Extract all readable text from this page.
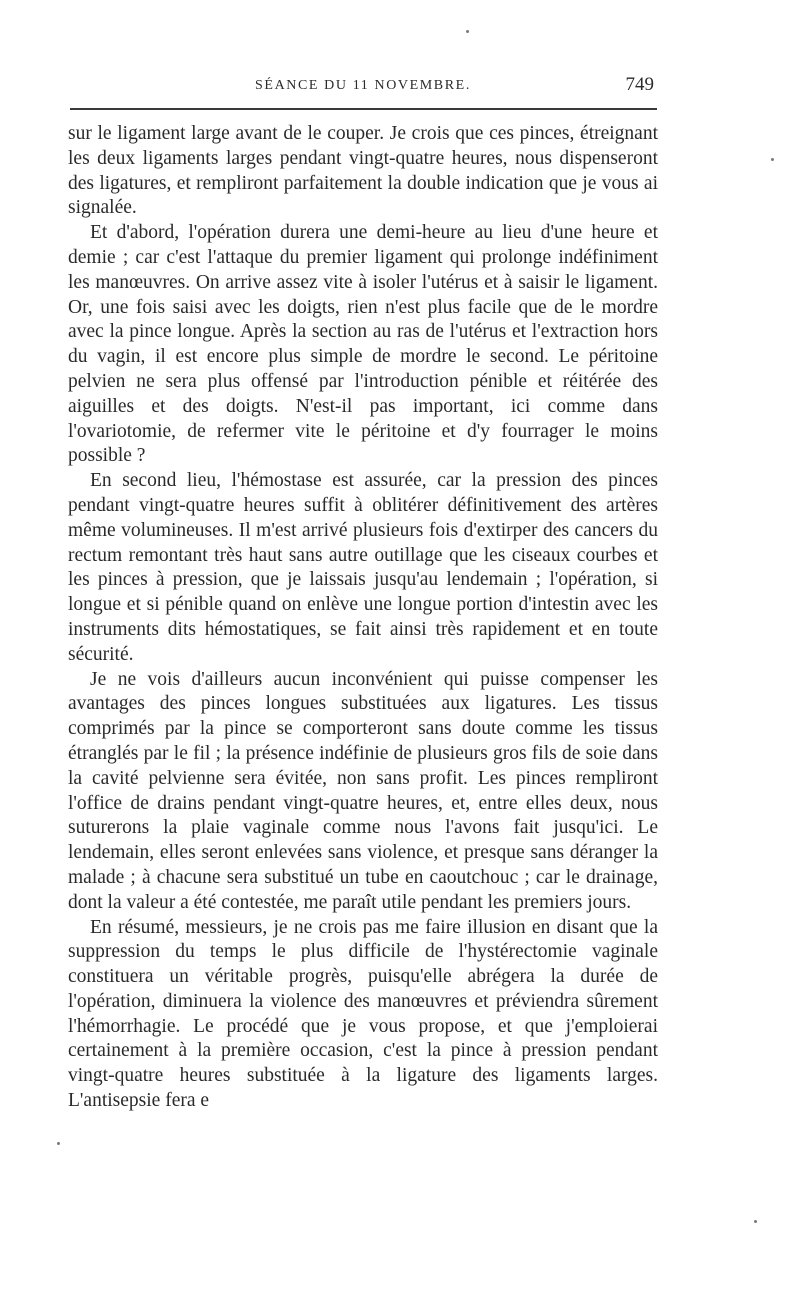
SÉANCE DU 11 NOVEMBRE.	749

sur le ligament large avant de le couper. Je crois que ces pinces, étreignant les deux ligaments larges pendant vingt-quatre heures, nous dispenseront des ligatures, et rempliront parfaitement la double indication que je vous ai signalée.

Et d'abord, l'opération durera une demi-heure au lieu d'une heure et demie ; car c'est l'attaque du premier ligament qui prolonge indéfiniment les manœuvres. On arrive assez vite à isoler l'utérus et à saisir le ligament. Or, une fois saisi avec les doigts, rien n'est plus facile que de le mordre avec la pince longue. Après la section au ras de l'utérus et l'extraction hors du vagin, il est encore plus simple de mordre le second. Le péritoine pelvien ne sera plus offensé par l'introduction pénible et réitérée des aiguilles et des doigts. N'est-il pas important, ici comme dans l'ovariotomie, de refermer vite le péritoine et d'y fourrager le moins possible ?

En second lieu, l'hémostase est assurée, car la pression des pinces pendant vingt-quatre heures suffit à oblitérer définitivement des artères même volumineuses. Il m'est arrivé plusieurs fois d'extirper des cancers du rectum remontant très haut sans autre outillage que les ciseaux courbes et les pinces à pression, que je laissais jusqu'au lendemain ; l'opération, si longue et si pénible quand on enlève une longue portion d'intestin avec les instruments dits hémostatiques, se fait ainsi très rapidement et en toute sécurité.

Je ne vois d'ailleurs aucun inconvénient qui puisse compenser les avantages des pinces longues substituées aux ligatures. Les tissus comprimés par la pince se comporteront sans doute comme les tissus étranglés par le fil ; la présence indéfinie de plusieurs gros fils de soie dans la cavité pelvienne sera évitée, non sans profit. Les pinces rempliront l'office de drains pendant vingt-quatre heures, et, entre elles deux, nous suturerons la plaie vaginale comme nous l'avons fait jusqu'ici. Le lendemain, elles seront enlevées sans violence, et presque sans déranger la malade ; à chacune sera substitué un tube en caoutchouc ; car le drainage, dont la valeur a été contestée, me paraît utile pendant les premiers jours.

En résumé, messieurs, je ne crois pas me faire illusion en disant que la suppression du temps le plus difficile de l'hystérectomie vaginale constituera un véritable progrès, puisqu'elle abrégera la durée de l'opération, diminuera la violence des manœuvres et préviendra sûrement l'hémorrhagie. Le procédé que je vous propose, et que j'emploierai certainement à la première occasion, c'est la pince à pression pendant vingt-quatre heures substituée à la ligature des ligaments larges. L'antisepsie fera e
